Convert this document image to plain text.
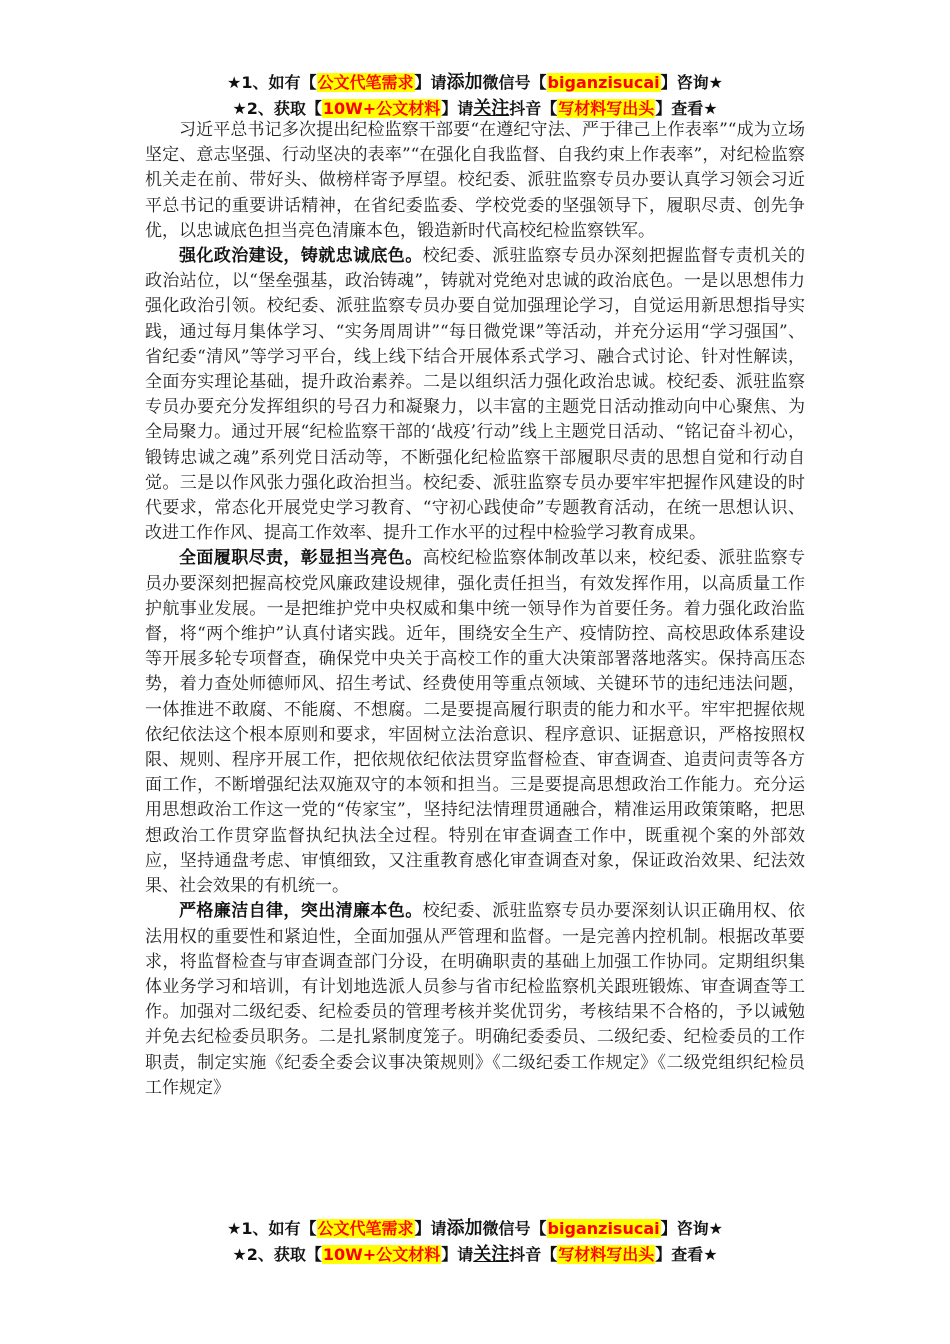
★1、如有【公文代笔需求】请添加微信号【biganzisucai】咨询★
★2、获取【10W+公文材料】请关注抖音【写材料写出头】查看★

习近平总书记多次提出纪检监察干部要“在遵纪守法、严于律己上作表率”“成为立场坚定、意志坚强、行动坚决的表率”“在强化自我监督、自我约束上作表率”，对纪检监察机关走在前、带好头、做榜样寄予厚望。校纪委、派驻监察专员办要认真学习领会习近平总书记的重要讲话精神，在省纪委监委、学校党委的坚强领导下，履职尽责、创先争优，以忠诚底色担当亮色清廉本色，锻造新时代高校纪检监察铁军。

强化政治建设，铸就忠诚底色。校纪委、派驻监察专员办深刻把握监督专责机关的政治站位，以“堡垒强基，政治铸魂”，铸就对党绝对忠诚的政治底色。一是以思想伟力强化政治引领。校纪委、派驻监察专员办要自觉加强理论学习，自觉运用新思想指导实践，通过每月集体学习、“实务周周讲”“每日微党课”等活动，并充分运用“学习强国”、省纪委“清风”等学习平台，线上线下结合开展体系式学习、融合式讨论、针对性解读，全面夯实理论基础，提升政治素养。二是以组织活力强化政治忠诚。校纪委、派驻监察专员办要充分发挥组织的号召力和凝聚力，以丰富的主题党日活动推动向中心聚焦、为全局聚力。通过开展“纪检监察干部的‘战疫’行动”线上主题党日活动、“铭记奋斗初心，锻铸忠诚之魂”系列党日活动等，不断强化纪检监察干部履职尽责的思想自觉和行动自觉。三是以作风张力强化政治担当。校纪委、派驻监察专员办要牢牢把握作风建设的时代要求，常态化开展党史学习教育、“守初心践使命”专题教育活动，在统一思想认识、改进工作作风、提高工作效率、提升工作水平的过程中检验学习教育成果。

全面履职尽责，彰显担当亮色。高校纪检监察体制改革以来，校纪委、派驻监察专员办要深刻把握高校党风廉政建设规律，强化责任担当，有效发挥作用，以高质量工作护航事业发展。一是把维护党中央权威和集中统一领导作为首要任务。着力强化政治监督，将“两个维护”认真付诸实践。近年，围绕安全生产、疫情防控、高校思政体系建设等开展多轮专项督查，确保党中央关于高校工作的重大决策部署落地落实。保持高压态势，着力查处师德师风、招生考试、经费使用等重点领域、关键环节的违纪违法问题，一体推进不敢腐、不能腐、不想腐。二是要提高履行职责的能力和水平。牢牢把握依规依纪依法这个根本原则和要求，牢固树立法治意识、程序意识、证据意识，严格按照权限、规则、程序开展工作，把依规依纪依法贯穿监督检查、审查调查、追责问责等各方面工作，不断增强纪法双施双守的本领和担当。三是要提高思想政治工作能力。充分运用思想政治工作这一党的“传家宝”，坚持纪法情理贯通融合，精准运用政策策略，把思想政治工作贯穿监督执纪执法全过程。特别在审查调查工作中，既重视个案的外部效应，坚持通盘考虑、审慎细致，又注重教育感化审查调查对象，保证政治效果、纪法效果、社会效果的有机统一。

严格廉洁自律，突出清廉本色。校纪委、派驻监察专员办要深刻认识正确用权、依法用权的重要性和紧迫性，全面加强从严管理和监督。一是完善内控机制。根据改革要求，将监督检查与审查调查部门分设，在明确职责的基础上加强工作协同。定期组织集体业务学习和培训，有计划地选派人员参与省市纪检监察机关跟班锻炼、审查调查等工作。加强对二级纪委、纪检委员的管理考核并奖优罚劣，考核结果不合格的，予以诫勉并免去纪检委员职务。二是扎紧制度笼子。明确纪委委员、二级纪委、纪检委员的工作职责，制定实施《纪委全委会议事决策规则》《二级纪委工作规定》《二级党组织纪检员工作规定》

★1、如有【公文代笔需求】请添加微信号【biganzisucai】咨询★
★2、获取【10W+公文材料】请关注抖音【写材料写出头】查看★
